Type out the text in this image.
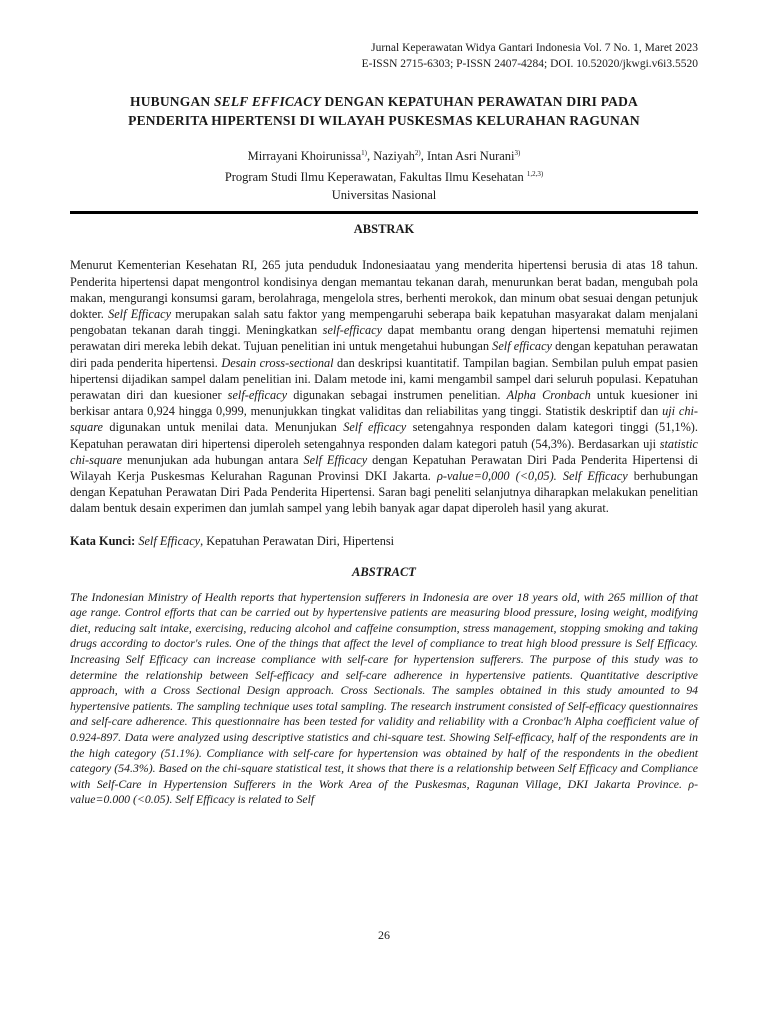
Jurnal Keperawatan Widya Gantari Indonesia Vol. 7 No. 1, Maret 2023
E-ISSN 2715-6303; P-ISSN 2407-4284; DOI. 10.52020/jkwgi.v6i3.5520
HUBUNGAN SELF EFFICACY DENGAN KEPATUHAN PERAWATAN DIRI PADA
PENDERITA HIPERTENSI DI WILAYAH PUSKESMAS KELURAHAN RAGUNAN
Mirrayani Khoirunissa$^{1)}$, Naziyah$^{2)}$, Intan Asri Nurani$^{3)}$
Program Studi Ilmu Keperawatan, Fakultas Ilmu Kesehatan $^{1,2,3)}$
Universitas Nasional
ABSTRAK
Menurut Kementerian Kesehatan RI, 265 juta penduduk Indonesiaatau yang menderita hipertensi berusia di atas 18 tahun. Penderita hipertensi dapat mengontrol kondisinya dengan memantau tekanan darah, menurunkan berat badan, mengubah pola makan, mengurangi konsumsi garam, berolahraga, mengelola stres, berhenti merokok, dan minum obat sesuai dengan petunjuk dokter. Self Efficacy merupakan salah satu faktor yang mempengaruhi seberapa baik kepatuhan masyarakat dalam menjalani pengobatan tekanan darah tinggi. Meningkatkan self-efficacy dapat membantu orang dengan hipertensi mematuhi rejimen perawatan diri mereka lebih dekat. Tujuan penelitian ini untuk mengetahui hubungan Self efficacy dengan kepatuhan perawatan diri pada penderita hipertensi. Desain cross-sectional dan deskripsi kuantitatif. Tampilan bagian. Sembilan puluh empat pasien hipertensi dijadikan sampel dalam penelitian ini. Dalam metode ini, kami mengambil sampel dari seluruh populasi. Kepatuhan perawatan diri dan kuesioner self-efficacy digunakan sebagai instrumen penelitian. Alpha Cronbach untuk kuesioner ini berkisar antara 0,924 hingga 0,999, menunjukkan tingkat validitas dan reliabilitas yang tinggi. Statistik deskriptif dan uji chi-square digunakan untuk menilai data. Menunjukan Self efficacy setengahnya responden dalam kategori tinggi (51,1%). Kepatuhan perawatan diri hipertensi diperoleh setengahnya responden dalam kategori patuh (54,3%). Berdasarkan uji statistic chi-square menunjukan ada hubungan antara Self Efficacy dengan Kepatuhan Perawatan Diri Pada Penderita Hipertensi di Wilayah Kerja Puskesmas Kelurahan Ragunan Provinsi DKI Jakarta. ρ-value=0,000 (<0,05). Self Efficacy berhubungan dengan Kepatuhan Perawatan Diri Pada Penderita Hipertensi. Saran bagi peneliti selanjutnya diharapkan melakukan penelitian dalam bentuk desain experimen dan jumlah sampel yang lebih banyak agar dapat diperoleh hasil yang akurat.
Kata Kunci: Self Efficacy, Kepatuhan Perawatan Diri, Hipertensi
ABSTRACT
The Indonesian Ministry of Health reports that hypertension sufferers in Indonesia are over 18 years old, with 265 million of that age range. Control efforts that can be carried out by hypertensive patients are measuring blood pressure, losing weight, modifying diet, reducing salt intake, exercising, reducing alcohol and caffeine consumption, stress management, stopping smoking and taking drugs according to doctor's rules. One of the things that affect the level of compliance to treat high blood pressure is Self Efficacy. Increasing Self Efficacy can increase compliance with self-care for hypertension sufferers. The purpose of this study was to determine the relationship between Self-efficacy and self-care adherence in hypertensive patients. Quantitative descriptive approach, with a Cross Sectional Design approach. Cross Sectionals. The samples obtained in this study amounted to 94 hypertensive patients. The sampling technique uses total sampling. The research instrument consisted of Self-efficacy questionnaires and self-care adherence. This questionnaire has been tested for validity and reliability with a Cronbac'h Alpha coefficient value of 0.924-897. Data were analyzed using descriptive statistics and chi-square test. Showing Self-efficacy, half of the respondents are in the high category (51.1%). Compliance with self-care for hypertension was obtained by half of the respondents in the obedient category (54.3%). Based on the chi-square statistical test, it shows that there is a relationship between Self Efficacy and Compliance with Self-Care in Hypertension Sufferers in the Work Area of the Puskesmas, Ragunan Village, DKI Jakarta Province. ρ-value=0.000 (<0.05). Self Efficacy is related to Self
26
